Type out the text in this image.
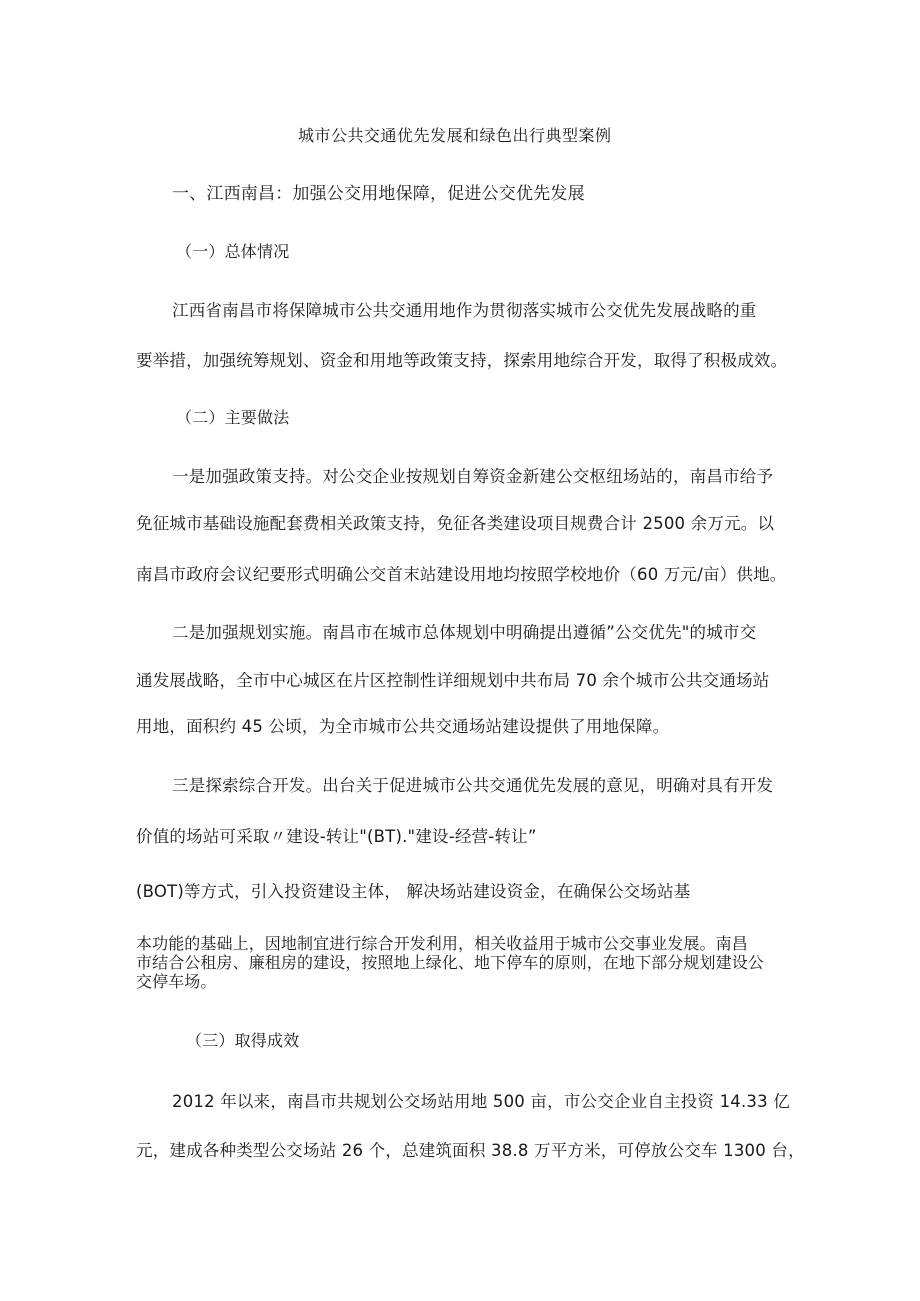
城市公共交通优先发展和绿色出行典型案例
一、江西南昌：加强公交用地保障，促进公交优先发展
（一）总体情况
江西省南昌市将保障城市公共交通用地作为贯彻落实城市公交优先发展战略的重
要举措，加强统筹规划、资金和用地等政策支持，探索用地综合开发，取得了积极成效。
（二）主要做法
一是加强政策支持。对公交企业按规划自筹资金新建公交枢纽场站的，南昌市给予
免征城市基础设施配套费相关政策支持，免征各类建设项目规费合计 2500 余万元。以
南昌市政府会议纪要形式明确公交首末站建设用地均按照学校地价（60 万元/亩）供地。
二是加强规划实施。南昌市在城市总体规划中明确提出遵循”公交优先"的城市交
通发展战略，全市中心城区在片区控制性详细规划中共布局 70 余个城市公共交通场站
用地，面积约 45 公顷，为全市城市公共交通场站建设提供了用地保障。
三是探索综合开发。出台关于促进城市公共交通优先发展的意见，明确对具有开发
价值的场站可采取〃建设-转让"(BT)."建设-经营-转让”
(BOT)等方式，引入投资建设主体， 解决场站建设资金，在确保公交场站基
本功能的基础上，因地制宜进行综合开发利用，相关收益用于城市公交事业发展。南昌
市结合公租房、廉租房的建设，按照地上绿化、地下停车的原则，在地下部分规划建设公
交停车场。
（三）取得成效
2012 年以来，南昌市共规划公交场站用地 500 亩，市公交企业自主投资 14.33 亿
元，建成各种类型公交场站 26 个，总建筑面积 38.8 万平方米，可停放公交车 1300 台，
